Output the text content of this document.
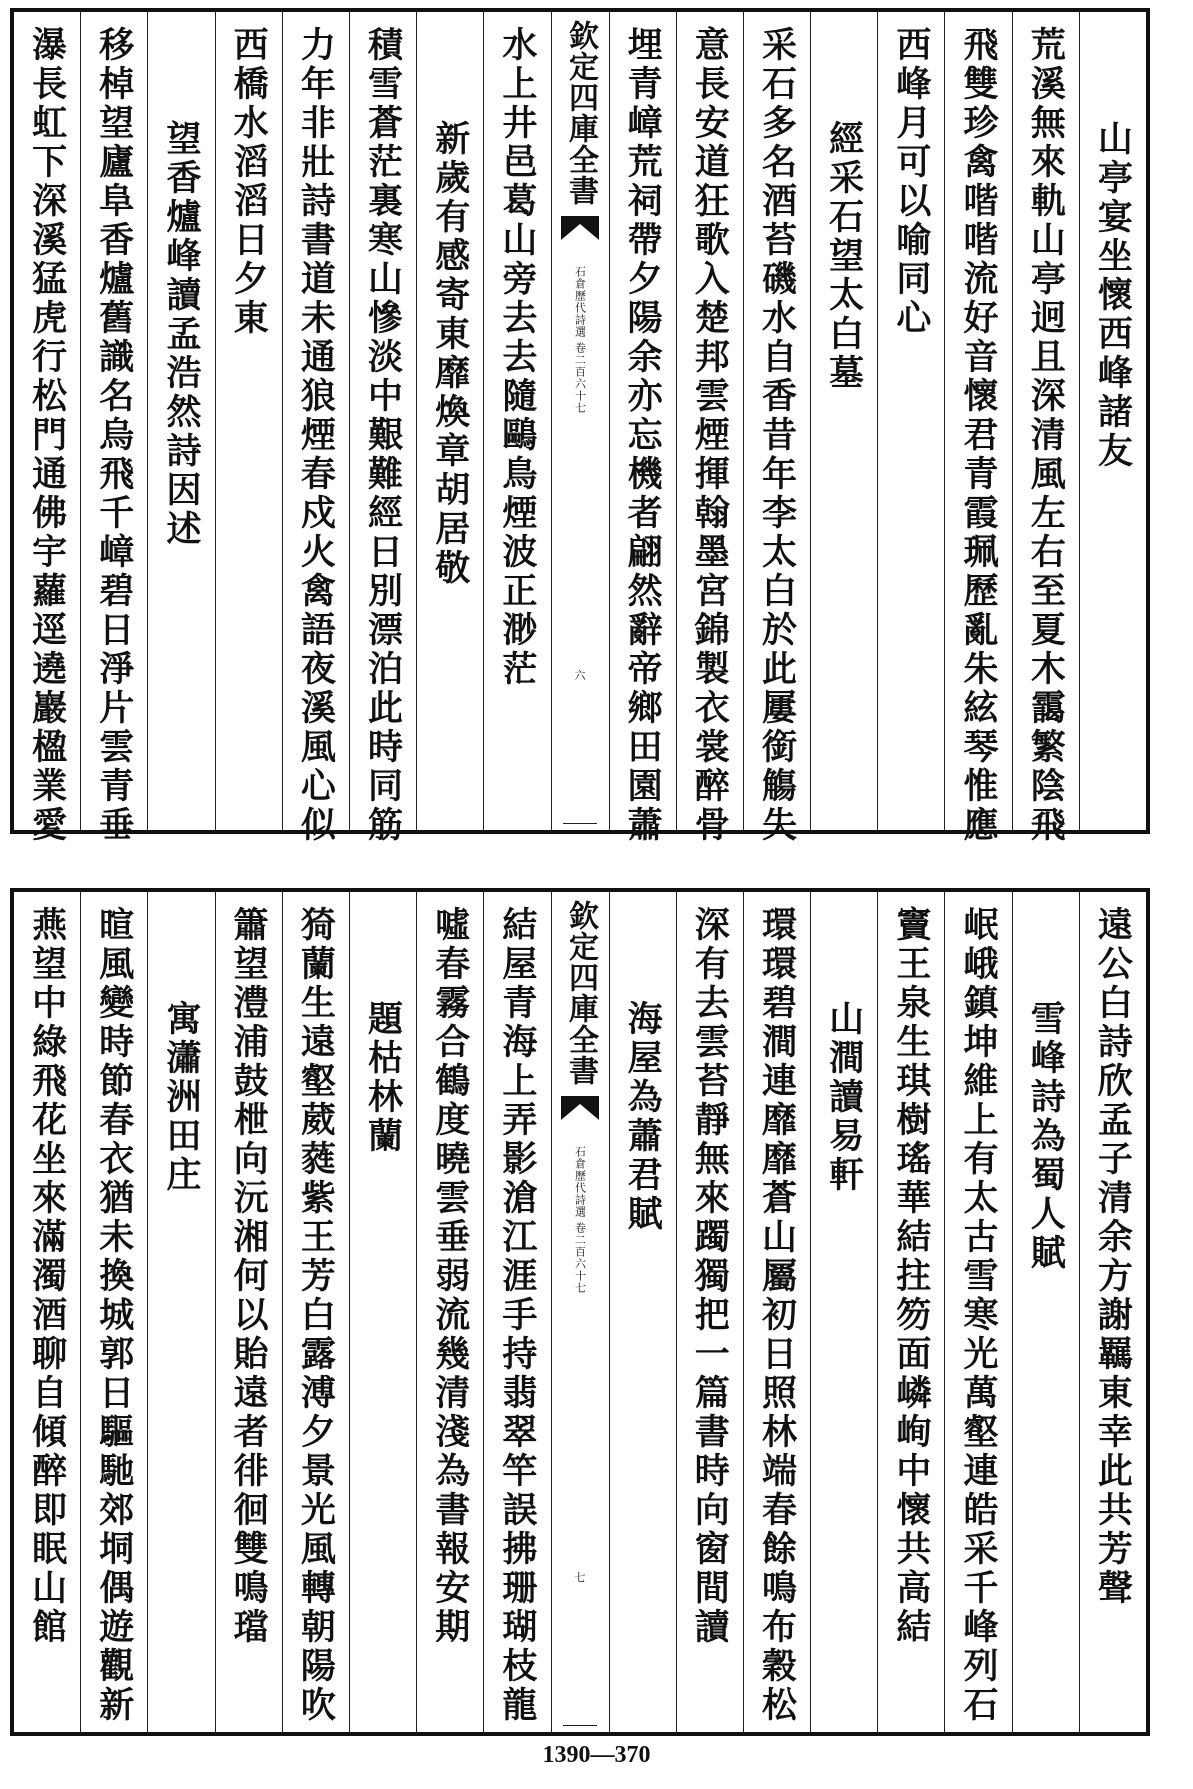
山亭宴坐懷西峰諸友
荒溪無來軌山亭迥且深清風左右至夏木靄繁陰飛
飛雙珍禽喈喈流好音懷君青霞珮歷亂朱絃琴惟應
西峰月可以喻同心
經采石望太白墓
采石多名酒苔磯水自香昔年李太白於此屢銜觴失
意長安道狂歌入楚邦雲煙揮翰墨宮錦製衣裳醉骨
埋青嶂荒祠帶夕陽余亦忘機者翩然辭帝鄉田園蕭
欽定四庫全書
石倉歷代詩選
卷二百六十七
六
水上井邑葛山旁去去隨鷗鳥煙波正渺茫
新歲有感寄東靡煥章胡居敬
積雪蒼茫裏寒山慘淡中艱難經日別漂泊此時同筋
力年非壯詩書道未通狼煙春戍火禽語夜溪風心似
西橋水滔滔日夕東
望香爐峰讀孟浩然詩因述
移棹望廬阜香爐舊識名烏飛千嶂碧日淨片雲青垂
瀑長虹下深溪猛虎行松門通佛宇蘿逕遶巖楹業愛
遠公白詩欣孟子清余方謝羈東幸此共芳聲
雪峰詩為蜀人賦
岷峨鎮坤維上有太古雪寒光萬壑連皓采千峰列石
竇王泉生琪樹瑤華結拄笏面嶙峋中懷共高結
山澗讀易軒
環環碧澗連靡靡蒼山屬初日照林端春餘鳴布穀松
深有去雲苔靜無來躅獨把一篇書時向窗間讀
海屋為蕭君賦
欽定四庫全書
石倉歷代詩選
卷二百六十七
七
結屋青海上弄影滄江涯手持翡翠竿誤拂珊瑚枝龍
噓春霧合鶴度曉雲垂弱流幾清淺為書報安期
題枯林蘭
猗蘭生遠壑葳蕤紫王芳白露溥夕景光風轉朝陽吹
簫望澧浦鼓枻向沅湘何以貽遠者徘徊雙鳴璫
寓瀟洲田庄
暄風變時節春衣猶未換城郭日驅馳郊垌偶遊觀新
燕望中綠飛花坐來滿濁酒聊自傾醉即眠山館
1390—370
